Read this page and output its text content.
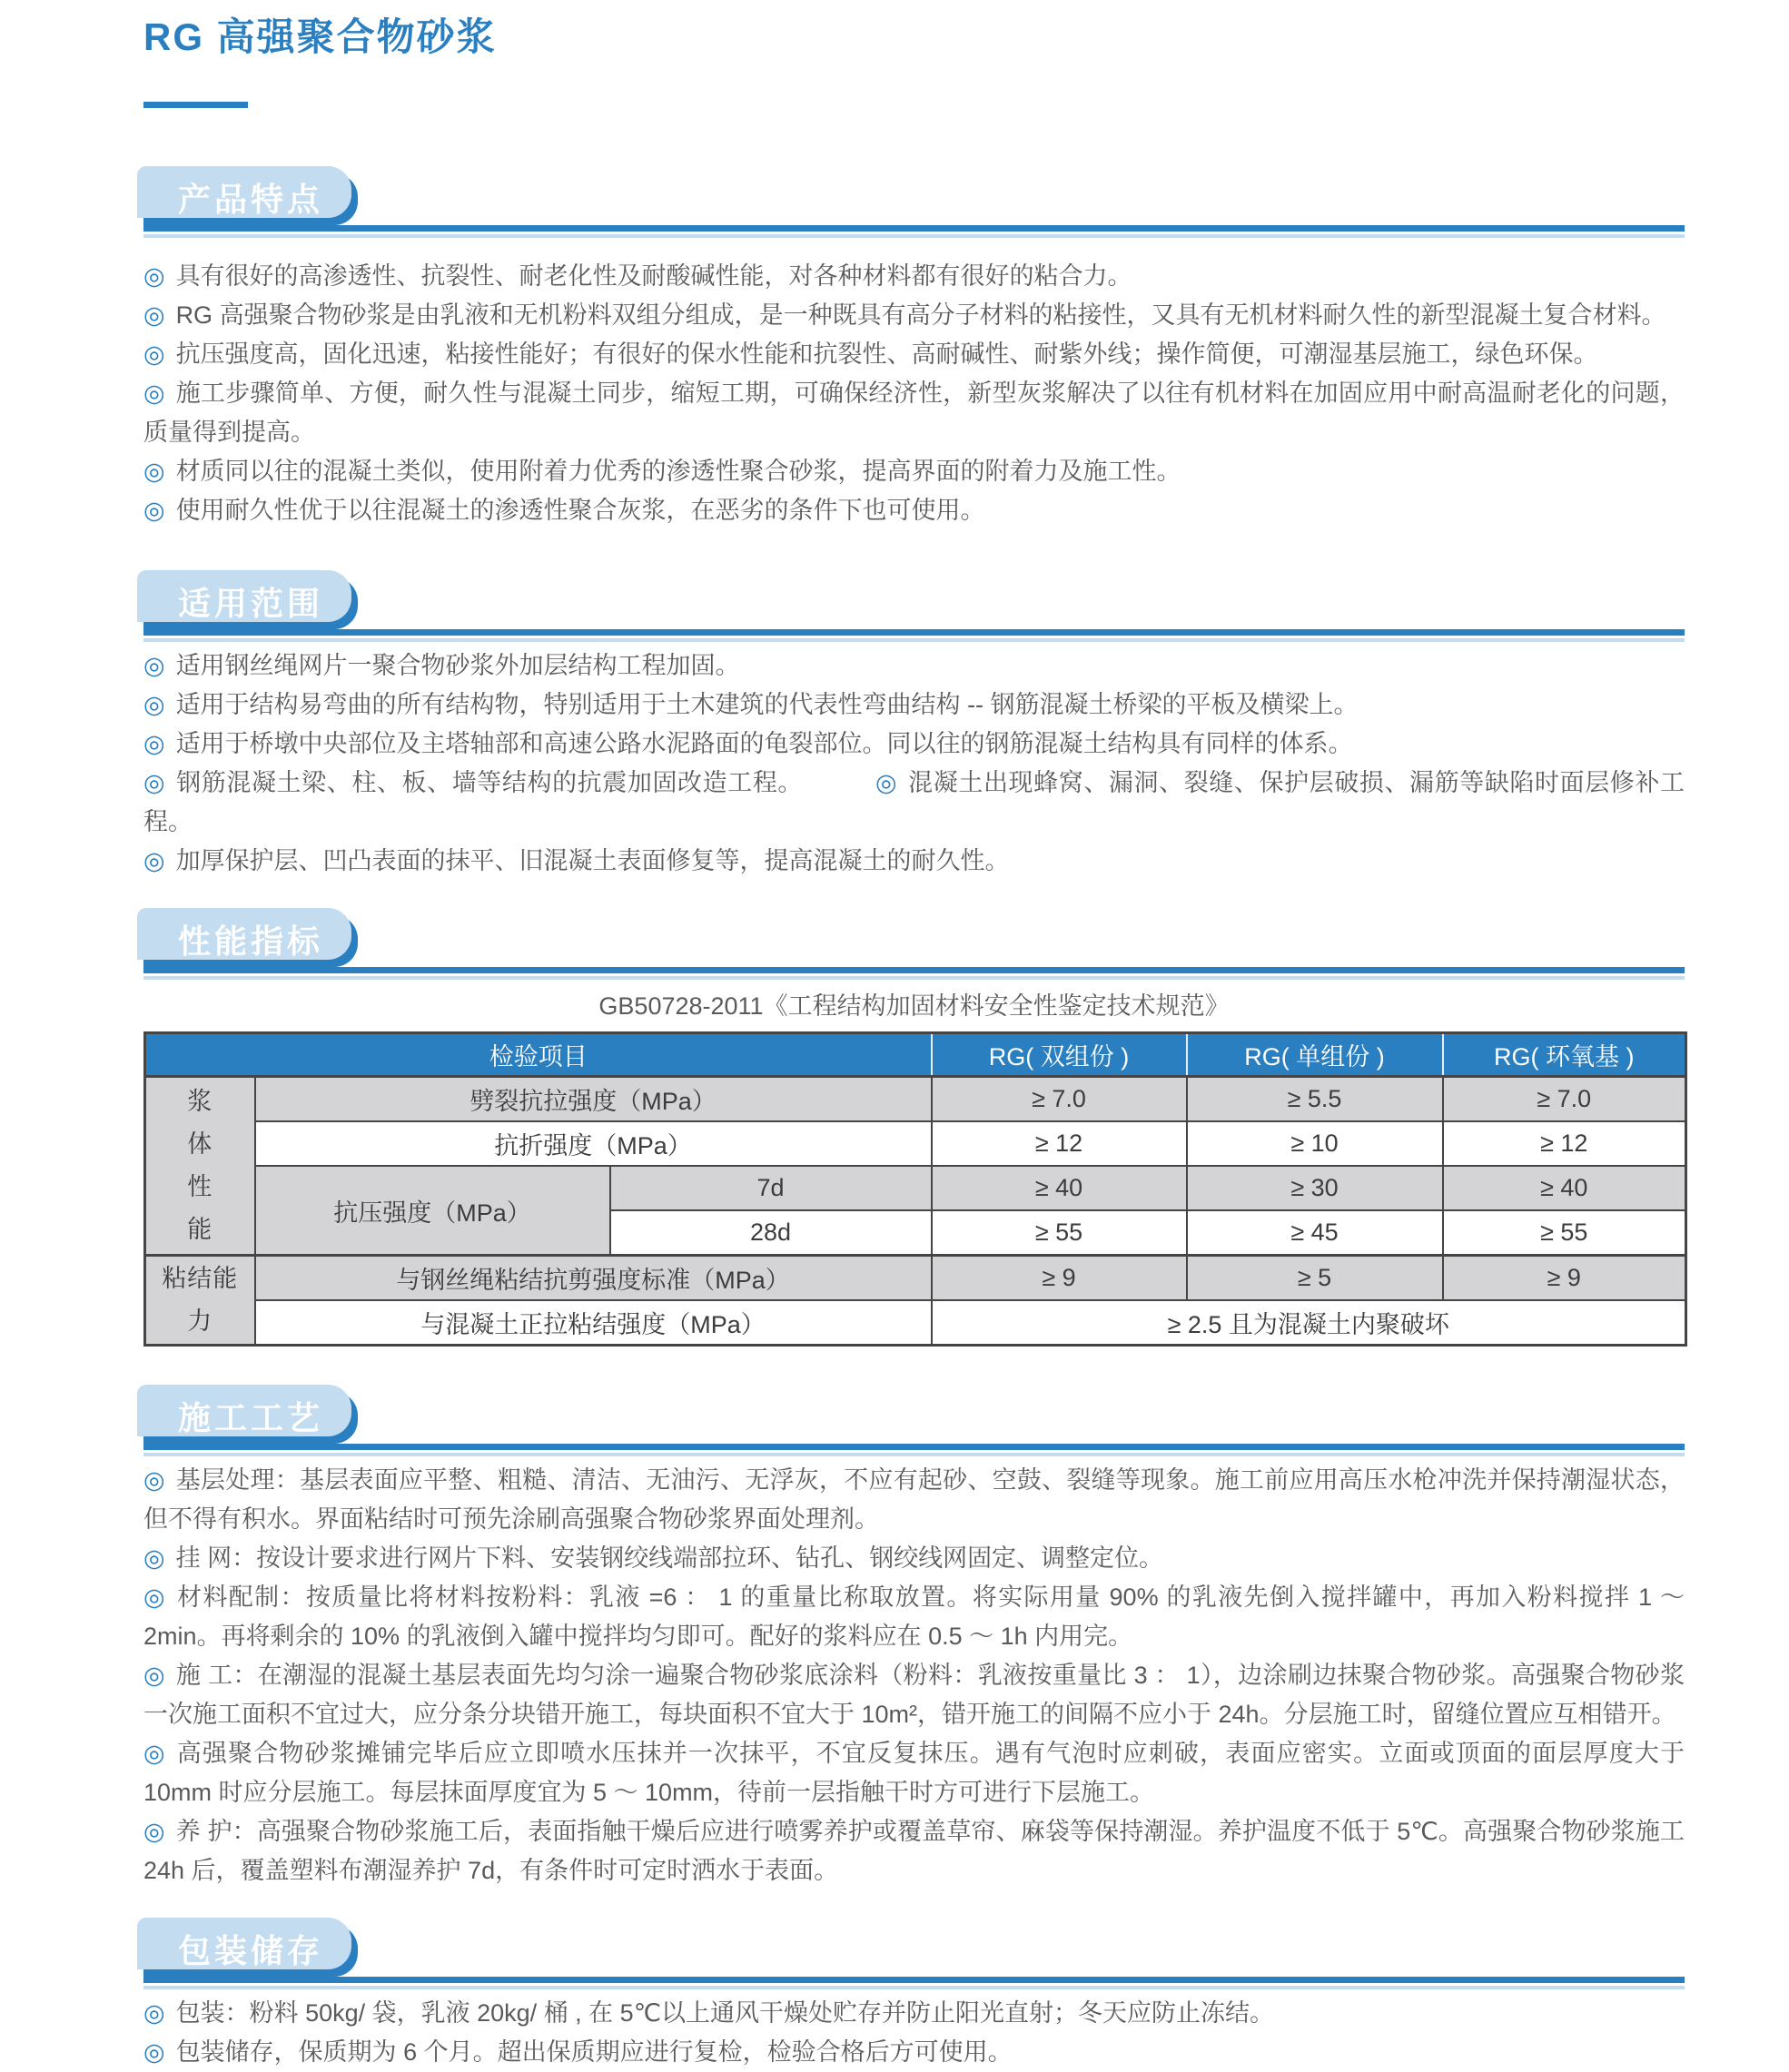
RG 高强聚合物砂浆
产品特点

◎ 具有很好的高渗透性、抗裂性、耐老化性及耐酸碱性能，对各种材料都有很好的粘合力。

◎ RG 高强聚合物砂浆是由乳液和无机粉料双组分组成，是一种既具有高分子材料的粘接性，又具有无机材料耐久性的新型混凝土复合材料。

◎ 抗压强度高，固化迅速，粘接性能好；有很好的保水性能和抗裂性、高耐碱性、耐紫外线；操作简便，可潮湿基层施工，绿色环保。

◎ 施工步骤简单、方便，耐久性与混凝土同步，缩短工期，可确保经济性，新型灰浆解决了以往有机材料在加固应用中耐高温耐老化的问题，质量得到提高。

◎ 材质同以往的混凝土类似，使用附着力优秀的渗透性聚合砂浆，提高界面的附着力及施工性。

◎ 使用耐久性优于以往混凝土的渗透性聚合灰浆，在恶劣的条件下也可使用。

适用范围

◎ 适用钢丝绳网片一聚合物砂浆外加层结构工程加固。

◎ 适用于结构易弯曲的所有结构物，特别适用于土木建筑的代表性弯曲结构 -- 钢筋混凝土桥梁的平板及横梁上。

◎ 适用于桥墩中央部位及主塔轴部和高速公路水泥路面的龟裂部位。同以往的钢筋混凝土结构具有同样的体系。

◎ 钢筋混凝土梁、柱、板、墙等结构的抗震加固改造工程。	◎ 混凝土出现蜂窝、漏洞、裂缝、保护层破损、漏筋等缺陷时面层修补工程。

◎ 加厚保护层、凹凸表面的抹平、旧混凝土表面修复等，提高混凝土的耐久性。

性能指标
GB50728-2011《工程结构加固材料安全性鉴定技术规范》
检验项目			RG( 双组份 )	RG( 单组份 )	RG( 环氧基 )
浆体性能	劈裂抗拉强度（MPa）		≥ 7.0	≥ 5.5	≥ 7.0
	抗折强度（MPa）		≥ 12	≥ 10	≥ 12
	抗压强度（MPa）	7d	≥ 40	≥ 30	≥ 40
		28d	≥ 55	≥ 45	≥ 55
粘结能力	与钢丝绳粘结抗剪强度标准（MPa）		≥ 9	≥ 5	≥ 9
	与混凝土正拉粘结强度（MPa）		≥ 2.5 且为混凝土内聚破坏		
施工工艺

◎ 基层处理：基层表面应平整、粗糙、清洁、无油污、无浮灰，不应有起砂、空鼓、裂缝等现象。施工前应用高压水枪冲洗并保持潮湿状态，但不得有积水。界面粘结时可预先涂刷高强聚合物砂浆界面处理剂。

◎ 挂 网：按设计要求进行网片下料、安装钢绞线端部拉环、钻孔、钢绞线网固定、调整定位。

◎ 材料配制：按质量比将材料按粉料：乳液 =6 ： 1 的重量比称取放置。将实际用量 90% 的乳液先倒入搅拌罐中，再加入粉料搅拌 1 ～ 2min。再将剩余的 10% 的乳液倒入罐中搅拌均匀即可。配好的浆料应在 0.5 ～ 1h 内用完。

◎ 施 工：在潮湿的混凝土基层表面先均匀涂一遍聚合物砂浆底涂料（粉料：乳液按重量比 3 ： 1），边涂刷边抹聚合物砂浆。高强聚合物砂浆一次施工面积不宜过大，应分条分块错开施工，每块面积不宜大于 10m²，错开施工的间隔不应小于 24h。分层施工时，留缝位置应互相错开。

◎ 高强聚合物砂浆摊铺完毕后应立即喷水压抹并一次抹平，不宜反复抹压。遇有气泡时应刺破，表面应密实。立面或顶面的面层厚度大于 10mm 时应分层施工。每层抹面厚度宜为 5 ～ 10mm，待前一层指触干时方可进行下层施工。

◎ 养 护：高强聚合物砂浆施工后，表面指触干燥后应进行喷雾养护或覆盖草帘、麻袋等保持潮湿。养护温度不低于 5℃。高强聚合物砂浆施工 24h 后，覆盖塑料布潮湿养护 7d，有条件时可定时洒水于表面。

包装储存

◎ 包装：粉料 50kg/ 袋，乳液 20kg/ 桶 , 在 5℃以上通风干燥处贮存并防止阳光直射；冬天应防止冻结。

◎ 包装储存，保质期为 6 个月。超出保质期应进行复检，检验合格后方可使用。
